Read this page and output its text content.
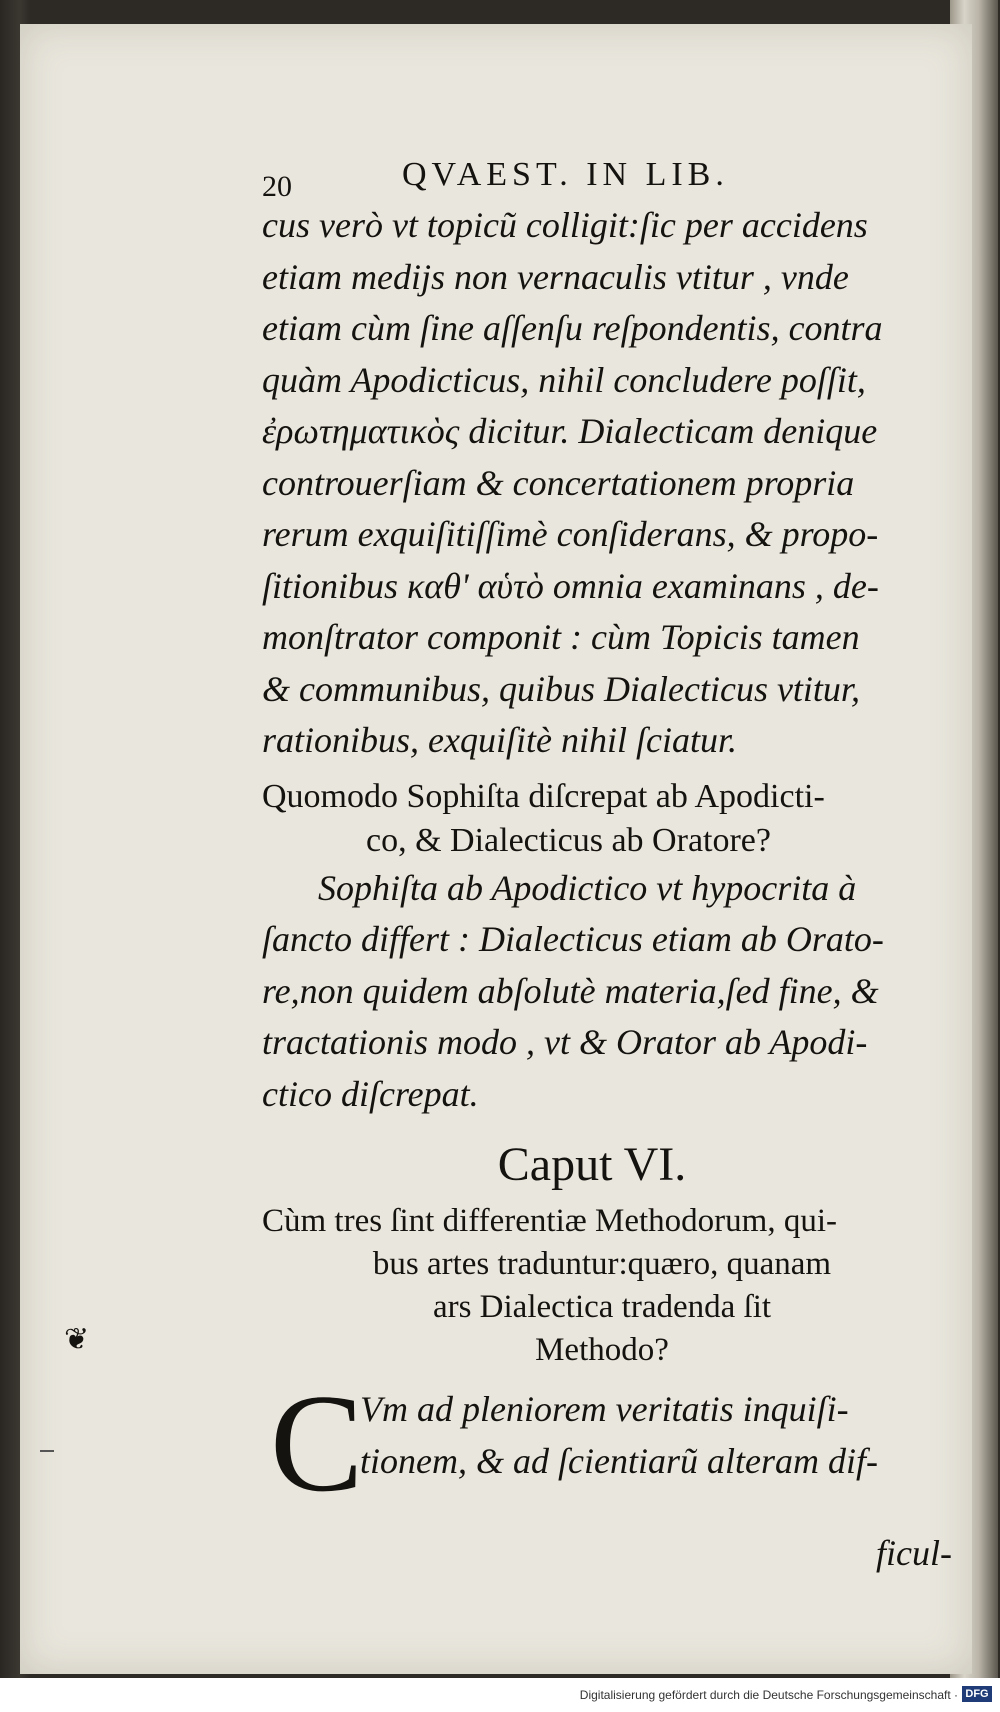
20	QVAEST. IN LIB.
cus verò vt topicũ colligit:ſic per accidens
etiam medijs non vernaculis vtitur , vnde
etiam cùm ſine aſſenſu reſpondentis, contra
quàm Apodicticus, nihil concludere poſſit,
ἐρωτηματικὸς dicitur. Dialecticam denique
controuerſiam & concertationem propria
rerum exquiſitiſſimè conſiderans, & propo-
ſitionibus καθ' αὑτὸ omnia examinans , de-
monſtrator componit : cùm Topicis tamen
& communibus, quibus Dialecticus vtitur,
rationibus, exquiſitè nihil ſciatur.
Quomodo Sophiſta diſcrepat ab Apodicti-
co, & Dialecticus ab Oratore?
Sophiſta ab Apodictico vt hypocrita à
ſancto differt : Dialecticus etiam ab Orato-
re,non quidem abſolutè materia,ſed fine, &
tractationis modo , vt & Orator ab Apodi-
ctico diſcrepat.
Caput VI.
Cùm tres ſint differentiæ Methodorum, qui-
bus artes traduntur:quæro, quanam
ars Dialectica tradenda ſit
Methodo?
C
Vm ad pleniorem veritatis inquiſi-
tionem, & ad ſcientiarũ alteram dif-
ficul-
❦
Digitalisierung gefördert durch die Deutsche Forschungsgemeinschaft · DFG
